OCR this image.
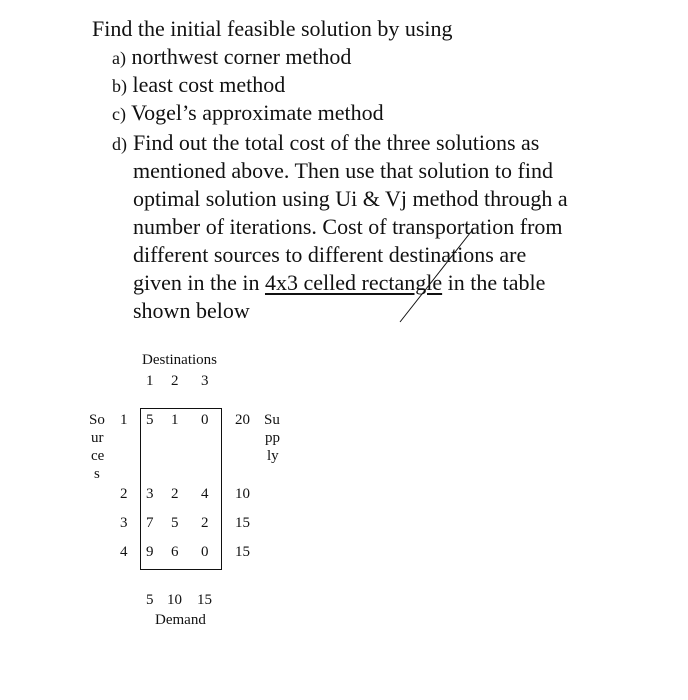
Find the initial feasible solution by using
a) northwest corner method
b) least cost method
c) Vogel’s approximate method
d) Find out the total cost of the three solutions as
mentioned above. Then use that solution to find
optimal solution using Ui & Vj method through a
number of iterations. Cost of transportation from
different sources to different destinations are
given in the in 4x3 celled rectangle in the table
shown below
Destinations
1 2 3
So
ur
ce
s
Su
pp
ly
1 5 1 0 20
2 3 2 4 10
3 7 5 2 15
4 9 6 0 15
5 10 15
Demand
